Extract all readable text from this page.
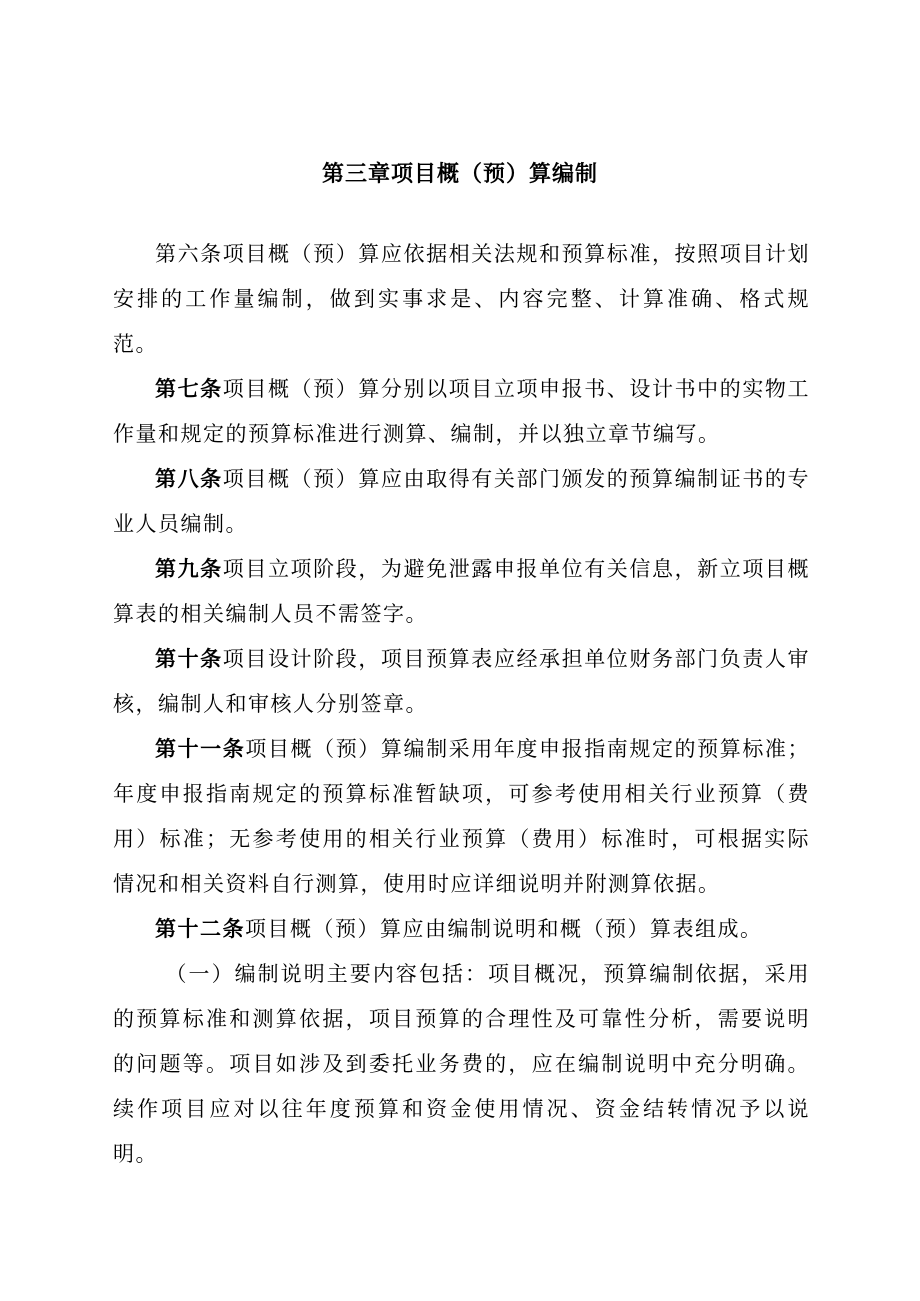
第三章项目概（预）算编制

第六条项目概（预）算应依据相关法规和预算标准，按照项目计划安排的工作量编制，做到实事求是、内容完整、计算准确、格式规范。

第七条项目概（预）算分别以项目立项申报书、设计书中的实物工作量和规定的预算标准进行测算、编制，并以独立章节编写。

第八条项目概（预）算应由取得有关部门颁发的预算编制证书的专业人员编制。

第九条项目立项阶段，为避免泄露申报单位有关信息，新立项目概算表的相关编制人员不需签字。

第十条项目设计阶段，项目预算表应经承担单位财务部门负责人审核，编制人和审核人分别签章。

第十一条项目概（预）算编制采用年度申报指南规定的预算标准；年度申报指南规定的预算标准暂缺项，可参考使用相关行业预算（费用）标准；无参考使用的相关行业预算（费用）标准时，可根据实际情况和相关资料自行测算，使用时应详细说明并附测算依据。

第十二条项目概（预）算应由编制说明和概（预）算表组成。

（一）编制说明主要内容包括：项目概况，预算编制依据，采用的预算标准和测算依据，项目预算的合理性及可靠性分析，需要说明的问题等。项目如涉及到委托业务费的，应在编制说明中充分明确。续作项目应对以往年度预算和资金使用情况、资金结转情况予以说明。
